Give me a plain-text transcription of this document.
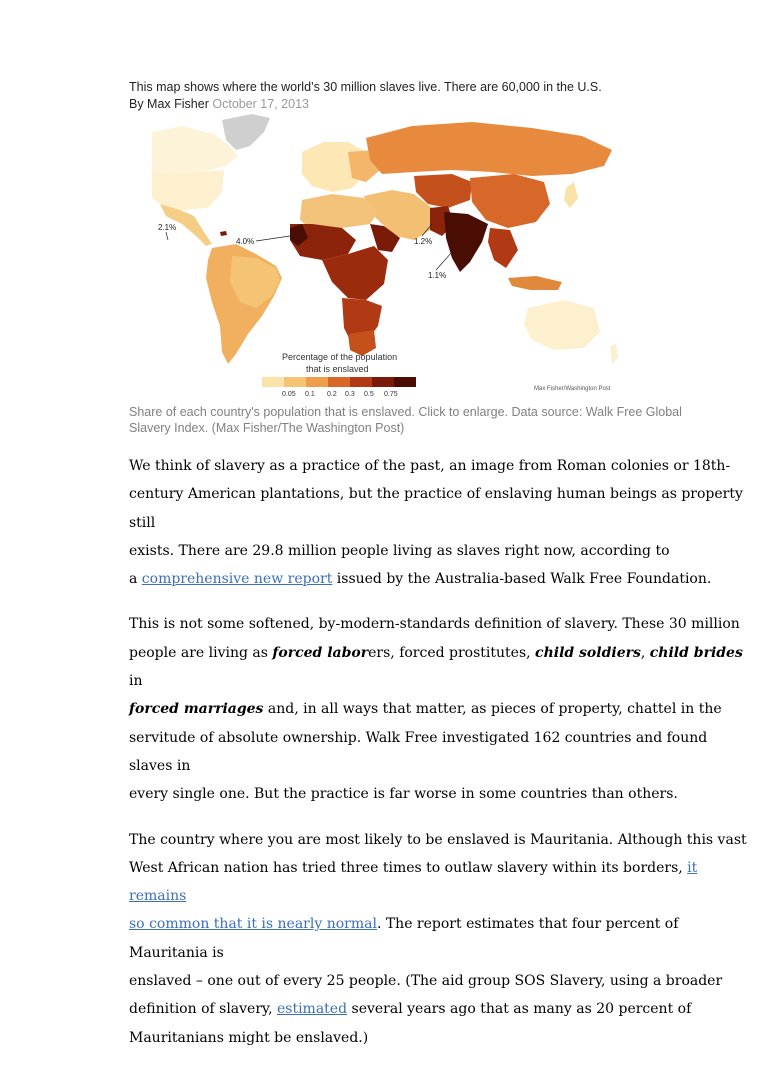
This map shows where the world’s 30 million slaves live. There are 60,000 in the U.S.
By Max Fisher October 17, 2013
2.1%
4.0%	1.2%
1.1%
Percentage of the population
that is enslaved
0.05 0.1 0.2 0.3 0.5 0.75
Max Fisher/Washington Post
Share of each country's population that is enslaved. Click to enlarge. Data source: Walk Free Global
Slavery Index. (Max Fisher/The Washington Post)

We think of slavery as a practice of the past, an image from Roman colonies or 18th-
century American plantations, but the practice of enslaving human beings as property still
exists. There are 29.8 million people living as slaves right now, according to
a comprehensive new report issued by the Australia-based Walk Free Foundation.

This is not some softened, by-modern-standards definition of slavery. These 30 million
people are living as forced laborers, forced prostitutes, child soldiers, child brides in
forced marriages and, in all ways that matter, as pieces of property, chattel in the
servitude of absolute ownership. Walk Free investigated 162 countries and found slaves in
every single one. But the practice is far worse in some countries than others.

The country where you are most likely to be enslaved is Mauritania. Although this vast
West African nation has tried three times to outlaw slavery within its borders, it remains
so common that it is nearly normal. The report estimates that four percent of Mauritania is
enslaved – one out of every 25 people. (The aid group SOS Slavery, using a broader
definition of slavery, estimated several years ago that as many as 20 percent of
Mauritanians might be enslaved.)
